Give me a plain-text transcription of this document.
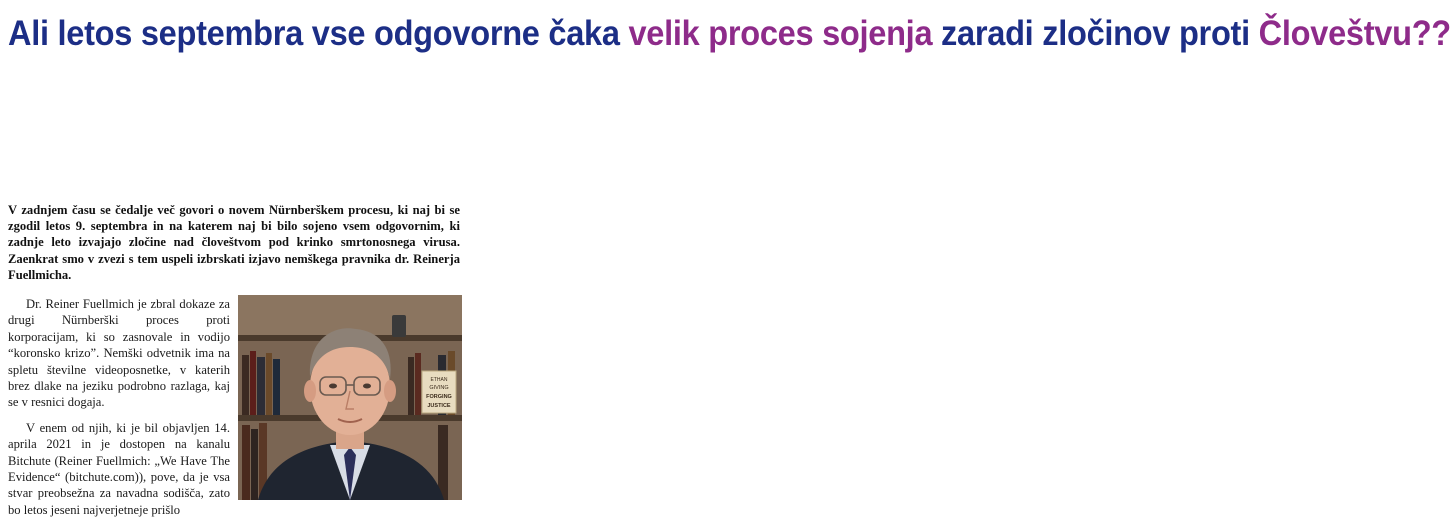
Ali letos septembra vse odgovorne čaka velik proces sojenja zaradi zločinov proti Človeštvu??

V zadnjem času se čedalje več govori o novem Nürnberškem procesu, ki naj bi se zgodil letos 9. septembra in na katerem naj bi bilo sojeno vsem odgovornim, ki zadnje leto izvajajo zločine nad človeštvom pod krinko smrtonosnega virusa. Zaenkrat smo v zvezi s tem uspeli izbrskati izjavo nemškega pravnika dr. Reinerja Fuellmicha.

Dr. Reiner Fuellmich je zbral dokaze za drugi Nürnberški proces proti korporacijam, ki so zasnovale in vodijo “koronsko krizo”. Nemški odvetnik ima na spletu številne videoposnetke, v katerih brez dlake na jeziku podrobno razlaga, kaj se v resnici dogaja.

V enem od njih, ki je bil objavljen 14. aprila 2021 in je dostopen na kanalu Bitchute (Reiner Fuellmich: „We Have The Evidence“ (bitchute.com)), pove, da je vsa stvar preobsežna za navadna sodišča, zato bo letos jeseni najverjetneje prišlo

ETHAN
GIVING
FORGING
JUSTICE
